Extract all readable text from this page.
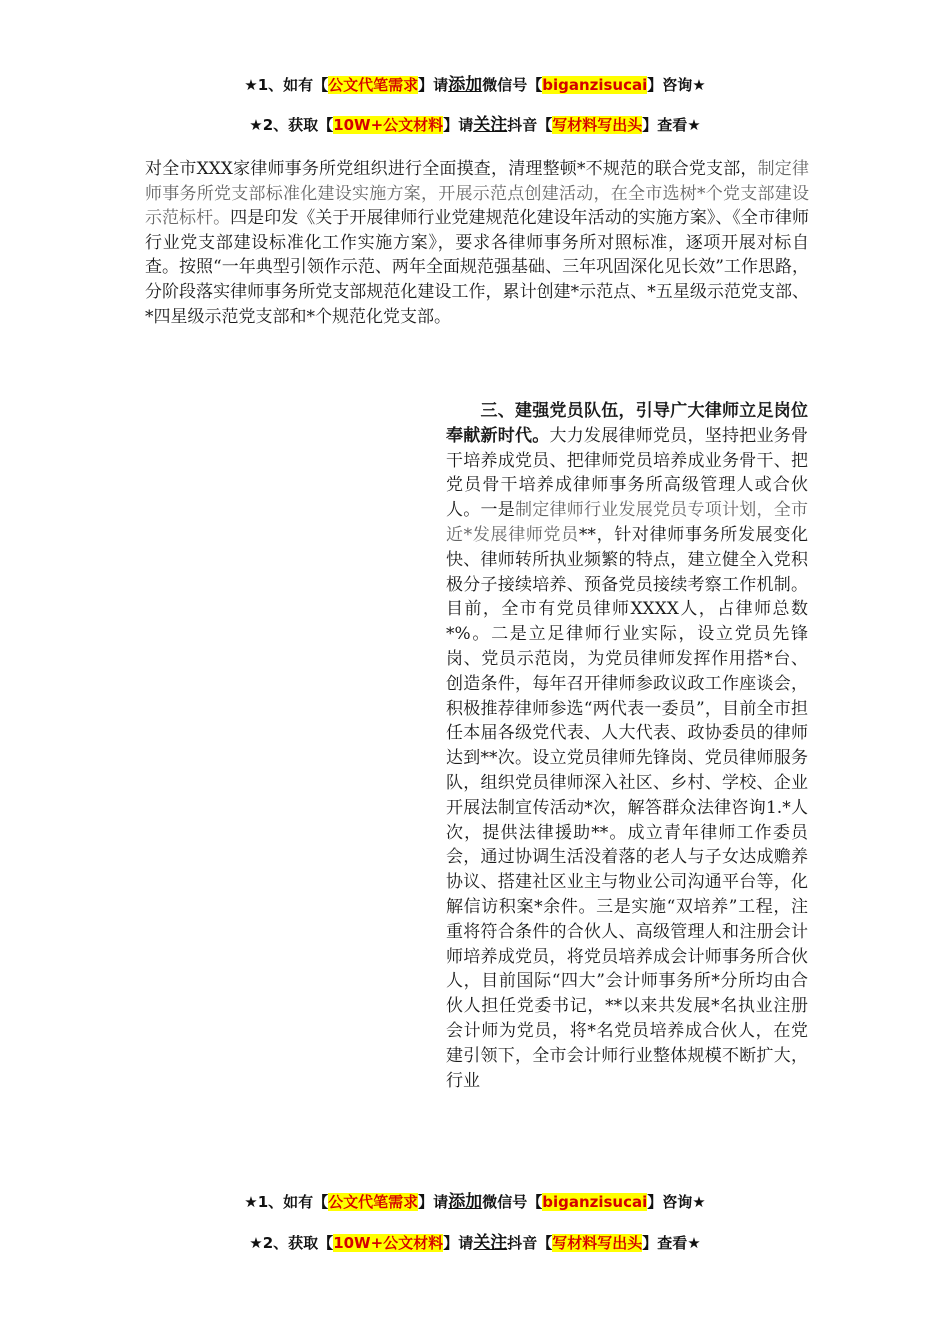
★1、如有【公文代笔需求】请添加微信号【biganzisucai】咨询★
★2、获取【10W+公文材料】请关注抖音【写材料写出头】查看★
对全市XXX家律师事务所党组织进行全面摸查，清理整顿*不规范的联合党支部，制定律师事务所党支部标准化建设实施方案，开展示范点创建活动，在全市选树*个党支部建设示范标杆。四是印发《关于开展律师行业党建规范化建设年活动的实施方案》、《全市律师行业党支部建设标准化工作实施方案》，要求各律师事务所对照标准，逐项开展对标自查。按照“一年典型引领作示范、两年全面规范强基础、三年巩固深化见长效”工作思路，分阶段落实律师事务所党支部规范化建设工作，累计创建*示范点、*五星级示范党支部、*四星级示范党支部和*个规范化党支部。
　　三、建强党员队伍，引导广大律师立足岗位奉献新时代。大力发展律师党员，坚持把业务骨干培养成党员、把律师党员培养成业务骨干、把党员骨干培养成律师事务所高级管理人或合伙人。一是制定律师行业发展党员专项计划，全市近*发展律师党员**，针对律师事务所发展变化快、律师转所执业频繁的特点，建立健全入党积极分子接续培养、预备党员接续考察工作机制。目前，全市有党员律师XXXX人，占律师总数*%。二是立足律师行业实际，设立党员先锋岗、党员示范岗，为党员律师发挥作用搭*台、创造条件，每年召开律师参政议政工作座谈会，积极推荐律师参选“两代表一委员”，目前全市担任本届各级党代表、人大代表、政协委员的律师达到**次。设立党员律师先锋岗、党员律师服务队，组织党员律师深入社区、乡村、学校、企业开展法制宣传活动*次，解答群众法律咨询1.*人次，提供法律援助**。成立青年律师工作委员会，通过协调生活没着落的老人与子女达成赡养协议、搭建社区业主与物业公司沟通平台等，化解信访积案*余件。三是实施“双培养”工程，注重将符合条件的合伙人、高级管理人和注册会计师培养成党员，将党员培养成会计师事务所合伙人，目前国际“四大”会计师事务所*分所均由合伙人担任党委书记，**以来共发展*名执业注册会计师为党员，将*名党员培养成合伙人，在党建引领下，全市会计师行业整体规模不断扩大，行业
★1、如有【公文代笔需求】请添加微信号【biganzisucai】咨询★
★2、获取【10W+公文材料】请关注抖音【写材料写出头】查看★
